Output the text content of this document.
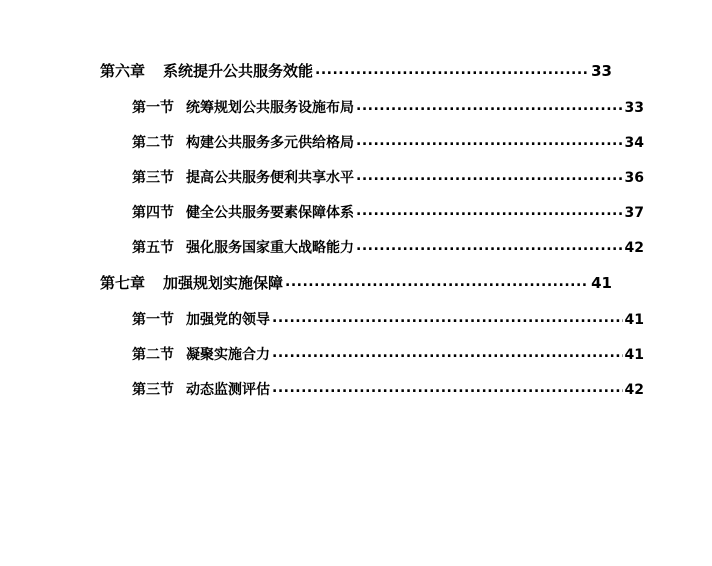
第六章 系统提升公共服务效能 .....	33
第一节 统筹规划公共服务设施布局 .....	33
第二节 构建公共服务多元供给格局 .....	34
第三节 提高公共服务便利共享水平 .....	36
第四节 健全公共服务要素保障体系 .....	37
第五节 强化服务国家重大战略能力 .....	42
第七章 加强规划实施保障 .....	41
第一节 加强党的领导 .....	41
第二节 凝聚实施合力 .....	41
第三节 动态监测评估 .....	42
